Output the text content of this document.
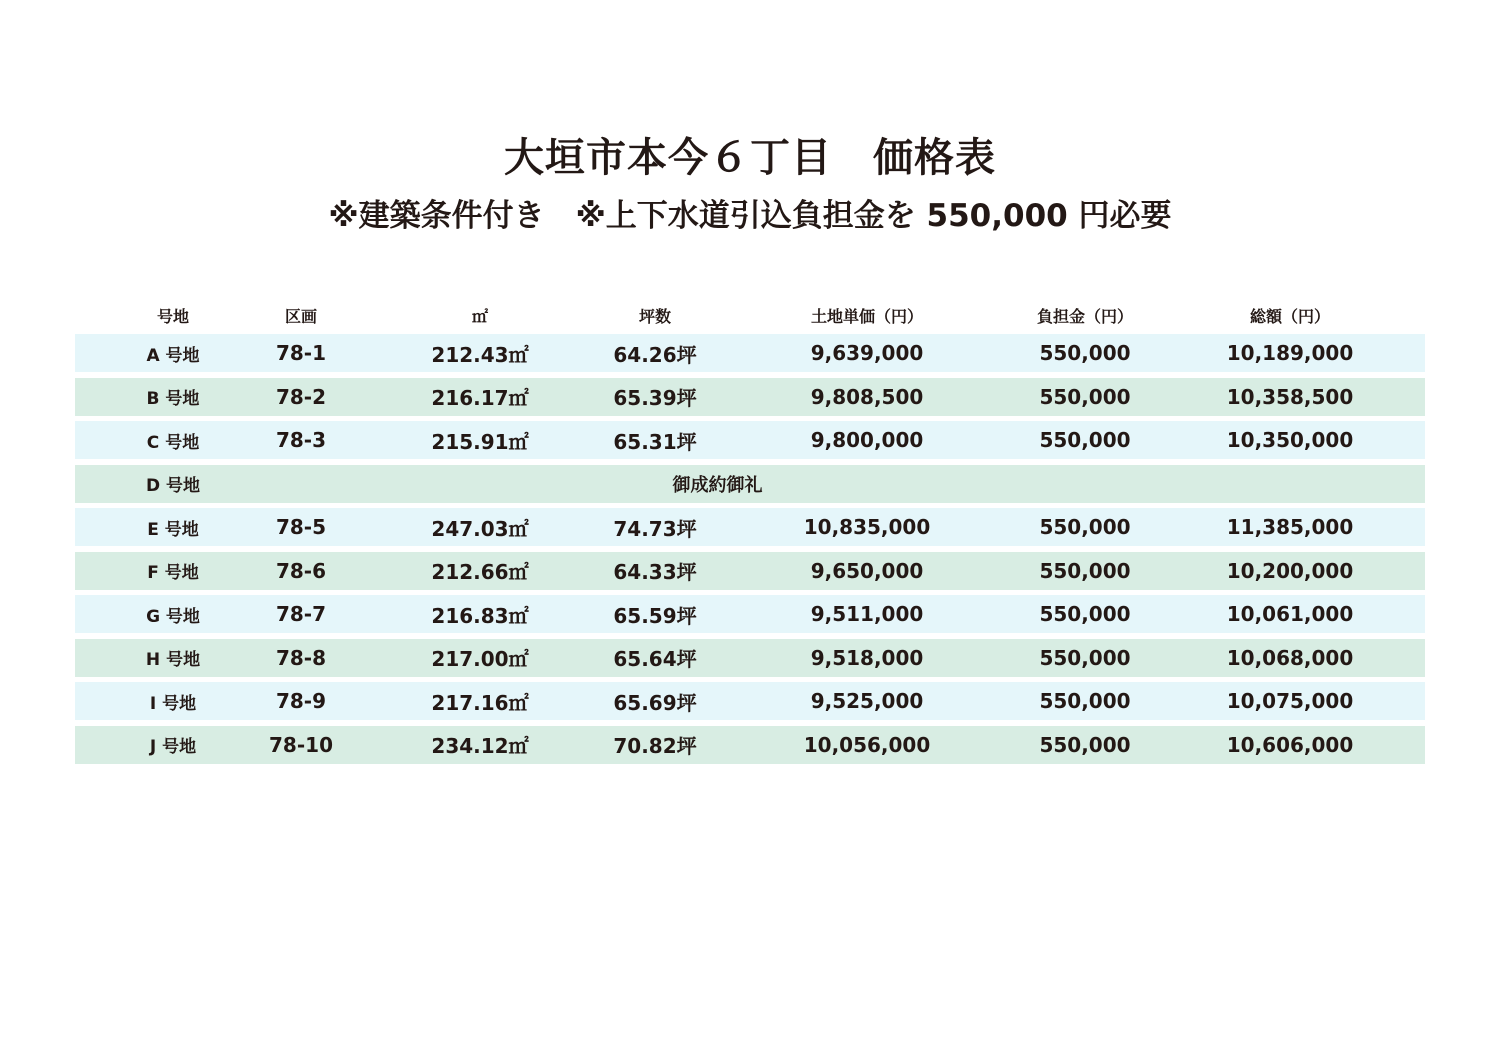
大垣市本今６丁目　価格表
※建築条件付き　※上下水道引込負担金を 550,000 円必要
号地	区画	㎡	坪数	土地単価（円）	負担金（円）	総額（円）
A 号地	78-1	212.43㎡	64.26坪	9,639,000	550,000	10,189,000
B 号地	78-2	216.17㎡	65.39坪	9,808,500	550,000	10,358,500
C 号地	78-3	215.91㎡	65.31坪	9,800,000	550,000	10,350,000
D 号地	御成約御礼
E 号地	78-5	247.03㎡	74.73坪	10,835,000	550,000	11,385,000
F 号地	78-6	212.66㎡	64.33坪	9,650,000	550,000	10,200,000
G 号地	78-7	216.83㎡	65.59坪	9,511,000	550,000	10,061,000
H 号地	78-8	217.00㎡	65.64坪	9,518,000	550,000	10,068,000
I 号地	78-9	217.16㎡	65.69坪	9,525,000	550,000	10,075,000
J 号地	78-10	234.12㎡	70.82坪	10,056,000	550,000	10,606,000
